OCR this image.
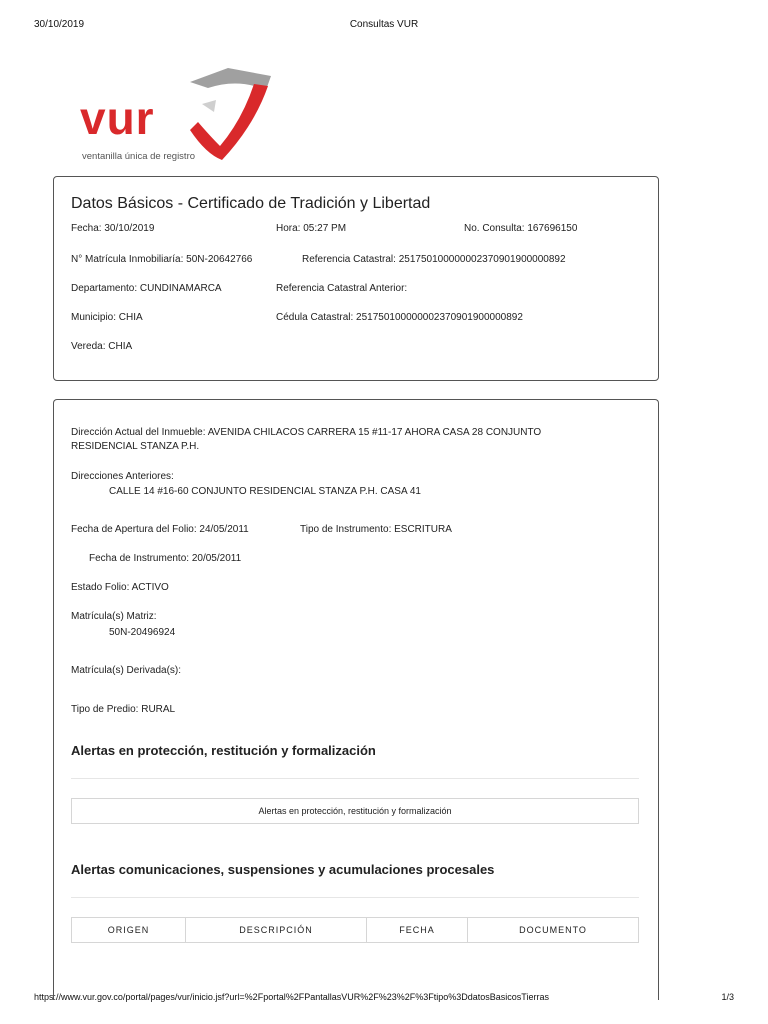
30/10/2019	Consultas VUR
vur
ventanilla única de registro
Datos Básicos - Certificado de Tradición y Libertad
Fecha: 30/10/2019	Hora: 05:27 PM	No. Consulta: 167696150
N° Matrícula Inmobiliaría: 50N-20642766	Referencia Catastral: 251750100000002370901900000892
Departamento: CUNDINAMARCA	Referencia Catastral Anterior:
Municipio: CHIA	Cédula Catastral: 251750100000002370901900000892
Vereda: CHIA
Dirección Actual del Inmueble: AVENIDA CHILACOS CARRERA 15 #11-17 AHORA CASA 28 CONJUNTO
RESIDENCIAL STANZA P.H.
Direcciones Anteriores:
CALLE 14 #16-60 CONJUNTO RESIDENCIAL STANZA P.H. CASA 41
Fecha de Apertura del Folio: 24/05/2011	Tipo de Instrumento: ESCRITURA
Fecha de Instrumento: 20/05/2011
Estado Folio: ACTIVO
Matrícula(s) Matriz:
50N-20496924
Matrícula(s) Derivada(s):
Tipo de Predio: RURAL
Alertas en protección, restitución y formalización
Alertas en protección, restitución y formalización
Alertas comunicaciones, suspensiones y acumulaciones procesales
ORIGEN	DESCRIPCIÓN	FECHA	DOCUMENTO
https://www.vur.gov.co/portal/pages/vur/inicio.jsf?url=%2Fportal%2FPantallasVUR%2F%23%2F%3Ftipo%3DdatosBasicosTierras	1/3
